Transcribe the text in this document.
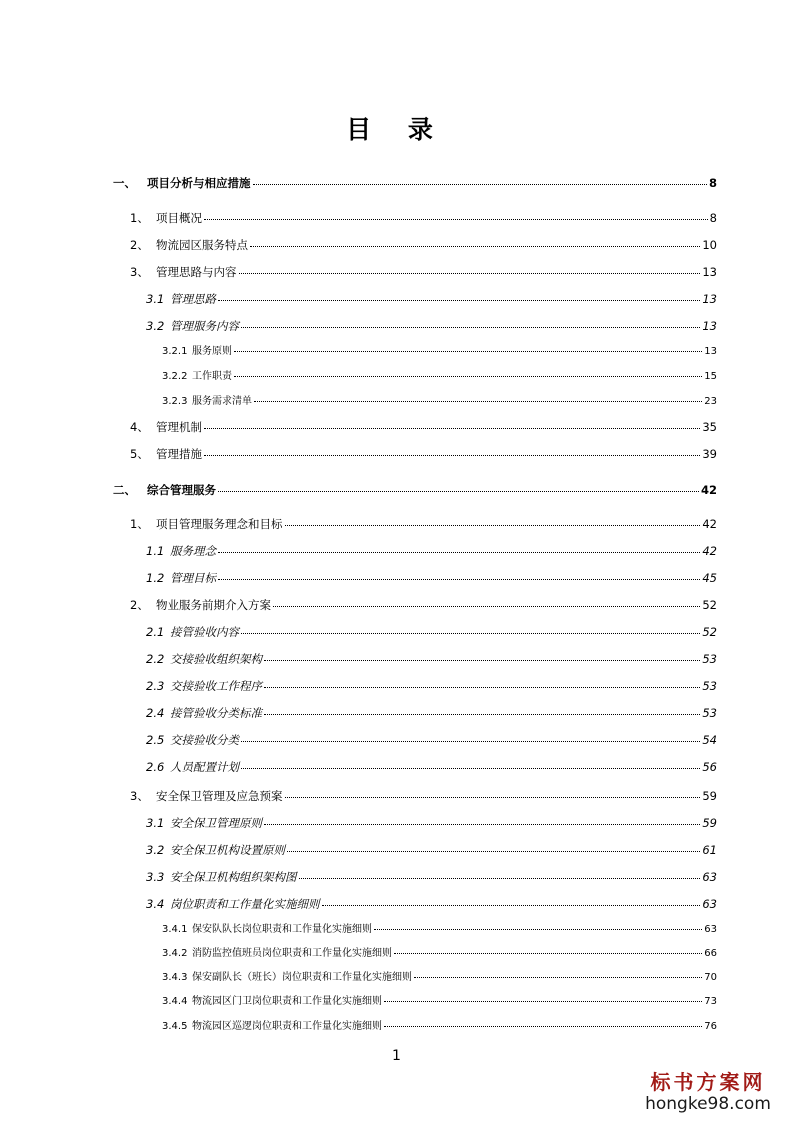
目 录
一、 项目分析与相应措施	8
1、 项目概况	8
2、 物流园区服务特点	10
3、 管理思路与内容	13
3.1 管理思路	13
3.2 管理服务内容	13
3.2.1 服务原则	13
3.2.2 工作职责	15
3.2.3 服务需求清单	23
4、 管理机制	35
5、 管理措施	39
二、 综合管理服务	42
1、 项目管理服务理念和目标	42
1.1 服务理念	42
1.2 管理目标	45
2、 物业服务前期介入方案	52
2.1 接管验收内容	52
2.2 交接验收组织架构	53
2.3 交接验收工作程序	53
2.4 接管验收分类标准	53
2.5 交接验收分类	54
2.6 人员配置计划	56
3、 安全保卫管理及应急预案	59
3.1 安全保卫管理原则	59
3.2 安全保卫机构设置原则	61
3.3 安全保卫机构组织架构图	63
3.4 岗位职责和工作量化实施细则	63
3.4.1 保安队队长岗位职责和工作量化实施细则	63
3.4.2 消防监控值班员岗位职责和工作量化实施细则	66
3.4.3 保安副队长（班长）岗位职责和工作量化实施细则	70
3.4.4 物流园区门卫岗位职责和工作量化实施细则	73
3.4.5 物流园区巡逻岗位职责和工作量化实施细则	76
1
标书方案网
hongke98.com
